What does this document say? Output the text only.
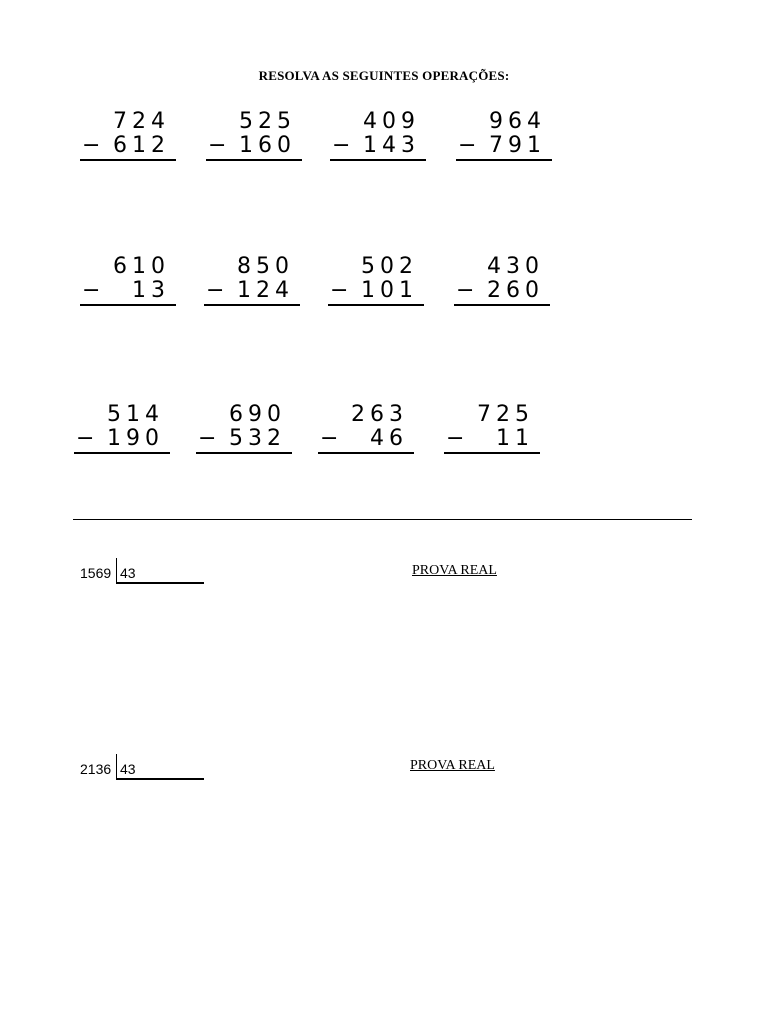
RESOLVA AS SEGUINTES OPERAÇÕES:
724
− 612
525
− 160
409
− 143
964
− 791
610
−	13
850
− 124
502
− 101
430
− 260
514
− 190
690
− 532
263
−	46
725
−	11
1569 43	PROVA REAL
2136 43	PROVA REAL
